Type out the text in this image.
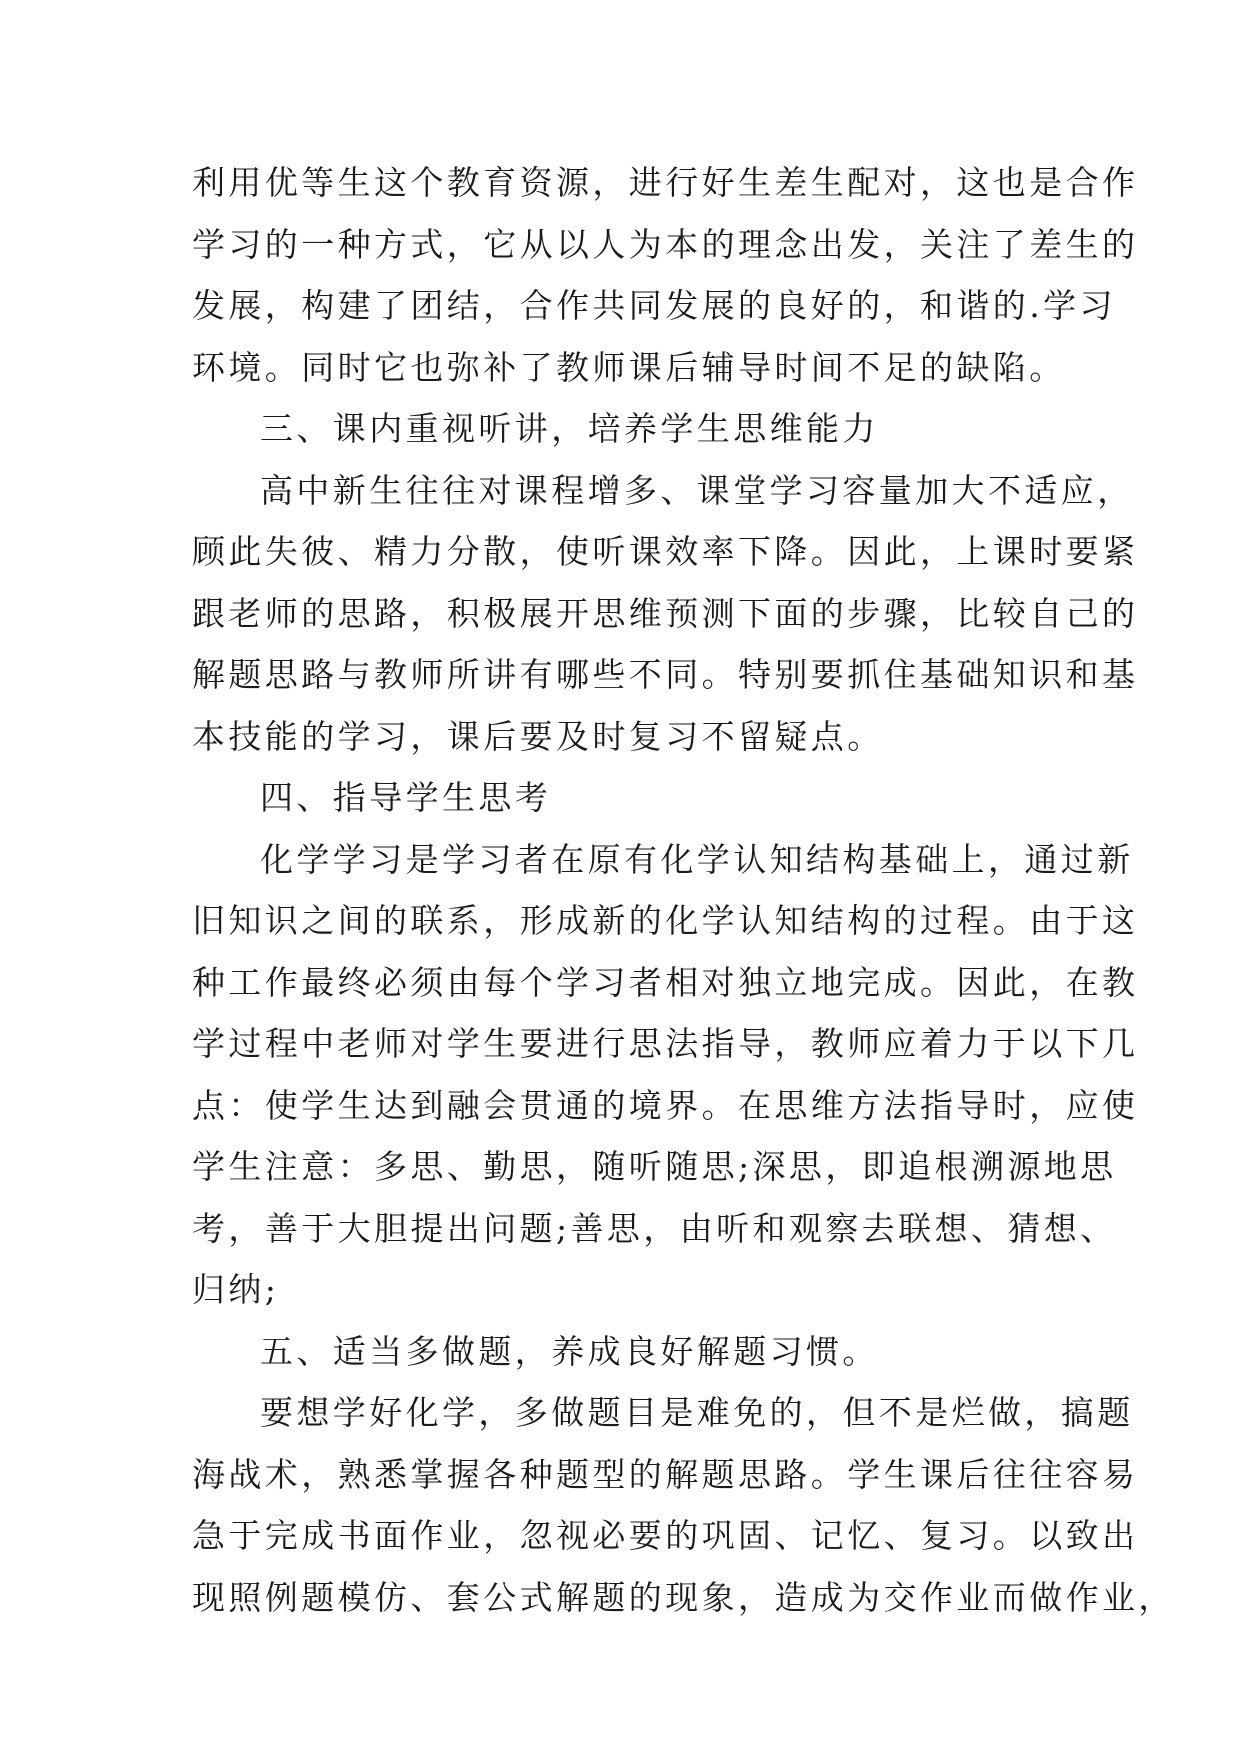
利用优等生这个教育资源，进行好生差生配对，这也是合作
学习的一种方式，它从以人为本的理念出发，关注了差生的
发展，构建了团结，合作共同发展的良好的，和谐的.学习
环境。同时它也弥补了教师课后辅导时间不足的缺陷。
三、课内重视听讲，培养学生思维能力
高中新生往往对课程增多、课堂学习容量加大不适应，
顾此失彼、精力分散，使听课效率下降。因此，上课时要紧
跟老师的思路，积极展开思维预测下面的步骤，比较自己的
解题思路与教师所讲有哪些不同。特别要抓住基础知识和基
本技能的学习，课后要及时复习不留疑点。
四、指导学生思考
化学学习是学习者在原有化学认知结构基础上，通过新
旧知识之间的联系，形成新的化学认知结构的过程。由于这
种工作最终必须由每个学习者相对独立地完成。因此，在教
学过程中老师对学生要进行思法指导，教师应着力于以下几
点：使学生达到融会贯通的境界。在思维方法指导时，应使
学生注意：多思、勤思，随听随思;深思，即追根溯源地思
考，善于大胆提出问题;善思，由听和观察去联想、猜想、
归纳;
五、适当多做题，养成良好解题习惯。
要想学好化学，多做题目是难免的，但不是烂做，搞题
海战术，熟悉掌握各种题型的解题思路。学生课后往往容易
急于完成书面作业，忽视必要的巩固、记忆、复习。以致出
现照例题模仿、套公式解题的现象，造成为交作业而做作业，
